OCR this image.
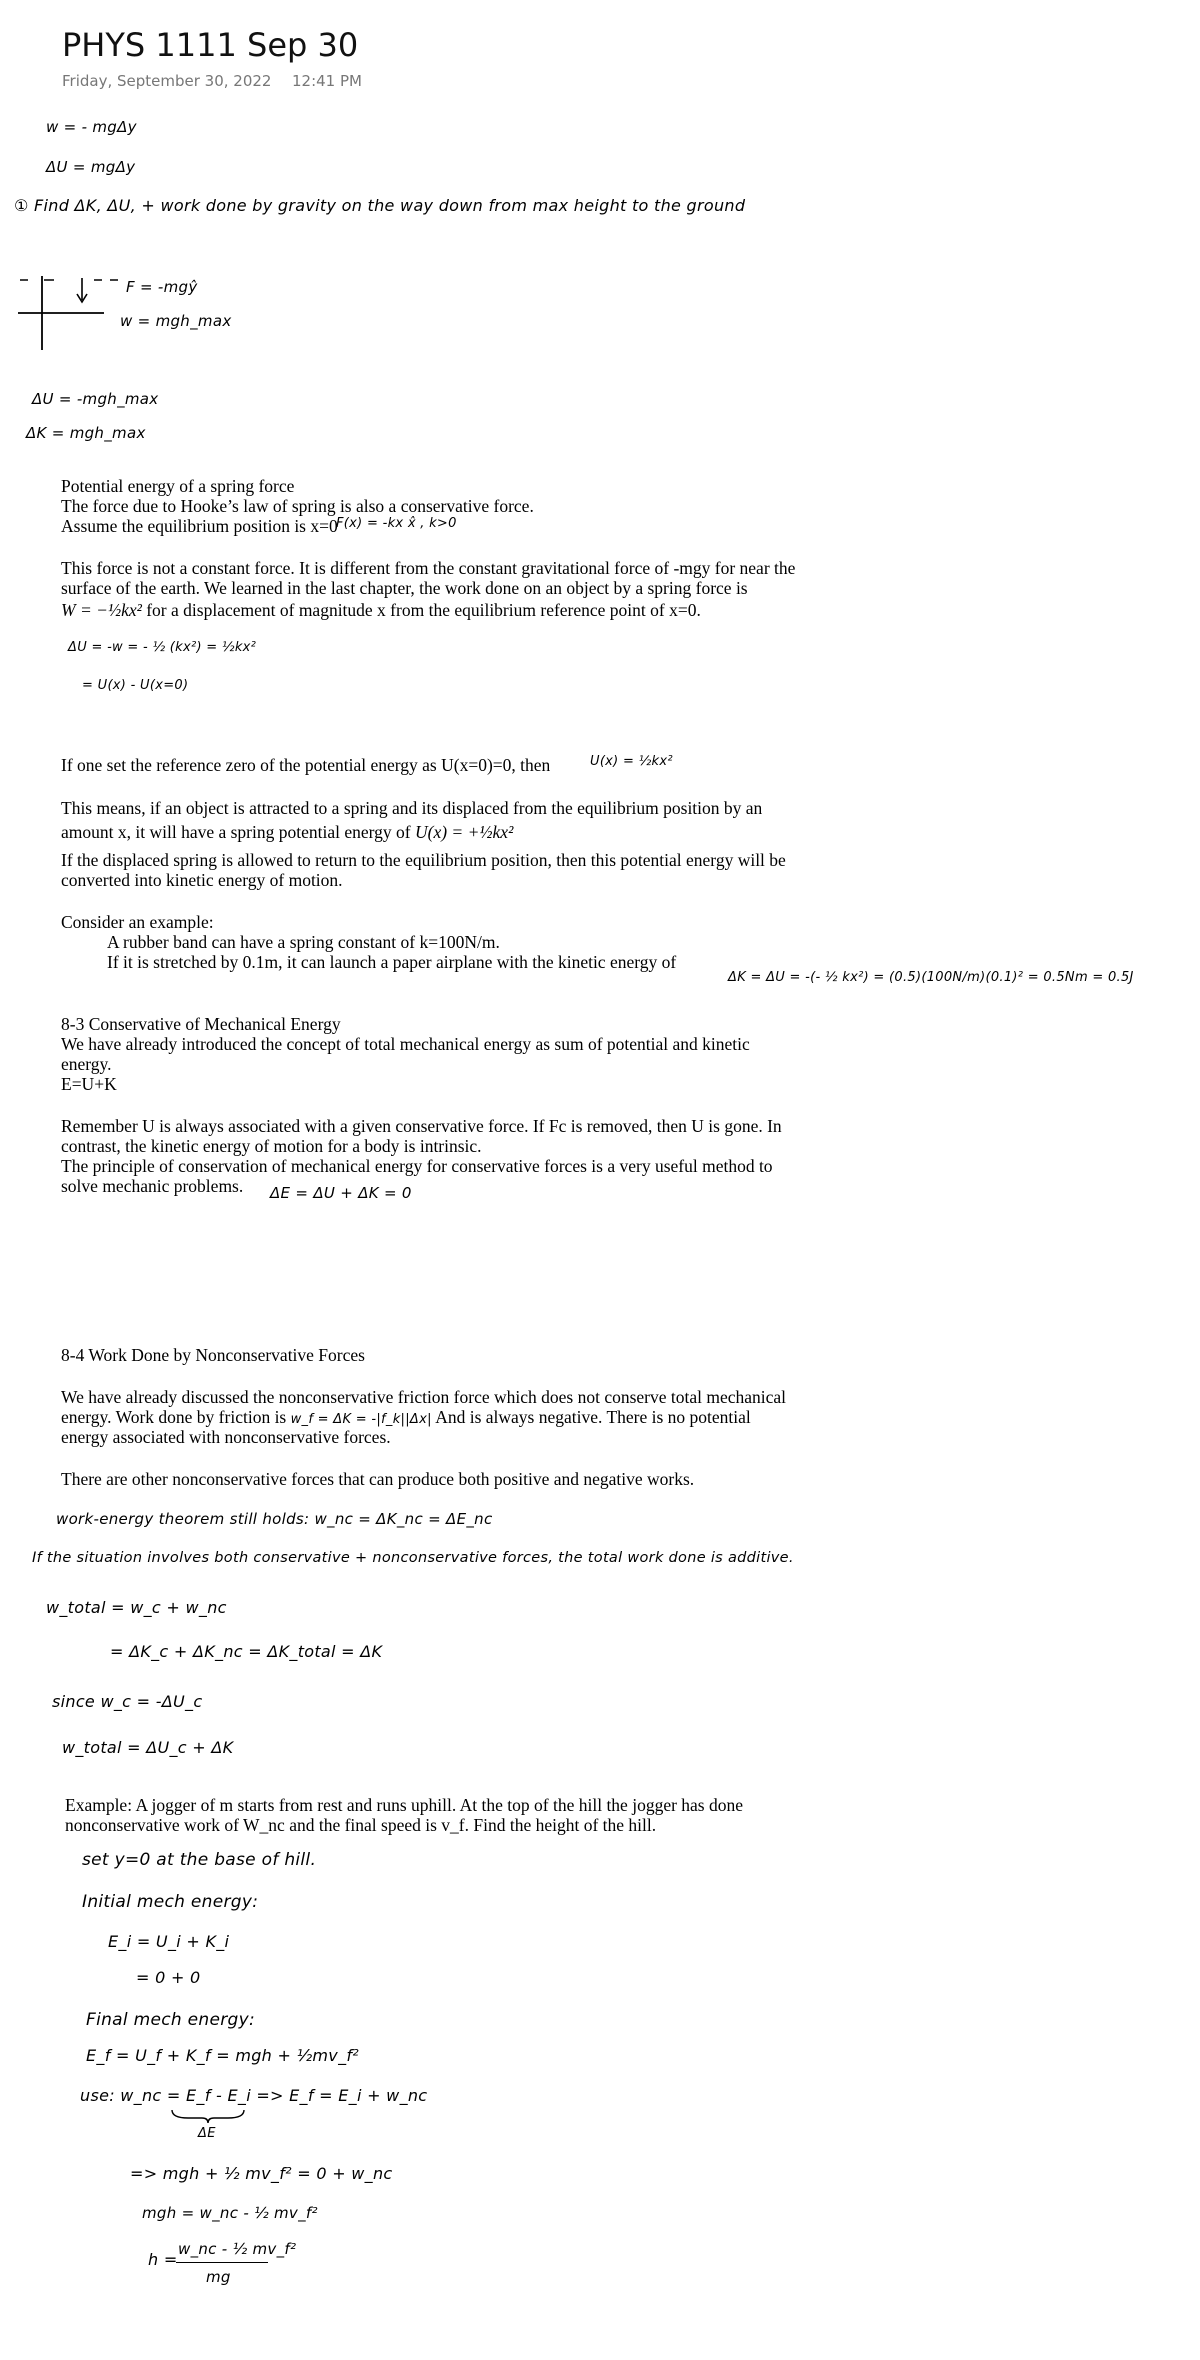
PHYS 1111 Sep 30
Friday, September 30, 2022 12:41 PM
w = - mgΔy
ΔU = mgΔy
① Find ΔK, ΔU, + work done by gravity on the way down from max height to the ground
F = -mgŷ
w = mgh_max
ΔU = -mgh_max
ΔK = mgh_max
Potential energy of a spring force
The force due to Hooke’s law of spring is also a conservative force.
Assume the equilibrium position is x=0
F(x) = -kx x̂ , k>0
This force is not a constant force. It is different from the constant gravitational force of -mgy for near the
surface of the earth. We learned in the last chapter, the work done on an object by a spring force is
W = −½kx² for a displacement of magnitude x from the equilibrium reference point of x=0.
ΔU = -w = - ½ (kx²) = ½kx²
= U(x) - U(x=0)
If one set the reference zero of the potential energy as U(x=0)=0, then	U(x) = ½kx²
This means, if an object is attracted to a spring and its displaced from the equilibrium position by an
amount x, it will have a spring potential energy of U(x) = +½kx²
If the displaced spring is allowed to return to the equilibrium position, then this potential energy will be
converted into kinetic energy of motion.
Consider an example:
A rubber band can have a spring constant of k=100N/m.
If it is stretched by 0.1m, it can launch a paper airplane with the kinetic energy of
ΔK = ΔU = -(- ½ kx²) = (0.5)(100N/m)(0.1)² = 0.5Nm = 0.5J
8-3 Conservative of Mechanical Energy
We have already introduced the concept of total mechanical energy as sum of potential and kinetic
energy.
E=U+K
Remember U is always associated with a given conservative force. If Fc is removed, then U is gone. In
contrast, the kinetic energy of motion for a body is intrinsic.
The principle of conservation of mechanical energy for conservative forces is a very useful method to
solve mechanic problems. ΔE = ΔU + ΔK = 0
8-4 Work Done by Nonconservative Forces
We have already discussed the nonconservative friction force which does not conserve total mechanical
energy. Work done by friction is w_f = ΔK = -|f_k||Δx| And is always negative. There is no potential
energy associated with nonconservative forces.
There are other nonconservative forces that can produce both positive and negative works.
work-energy theorem still holds: w_nc = ΔK_nc = ΔE_nc
If the situation involves both conservative + nonconservative forces, the total work done is additive.
w_total = w_c + w_nc
= ΔK_c + ΔK_nc = ΔK_total = ΔK
since w_c = -ΔU_c
w_total = ΔU_c + ΔK
Example: A jogger of m starts from rest and runs uphill. At the top of the hill the jogger has done
nonconservative work of W_nc and the final speed is v_f. Find the height of the hill.
set y=0 at the base of hill.
Initial mech energy:
E_i = U_i + K_i
= 0 + 0
Final mech energy:
E_f = U_f + K_f = mgh + ½mv_f²
use: w_nc = E_f - E_i => E_f = E_i + w_nc
ΔE
=> mgh + ½ mv_f² = 0 + w_nc
mgh = w_nc - ½ mv_f²
h =
w_nc - ½ mv_f²
mg
